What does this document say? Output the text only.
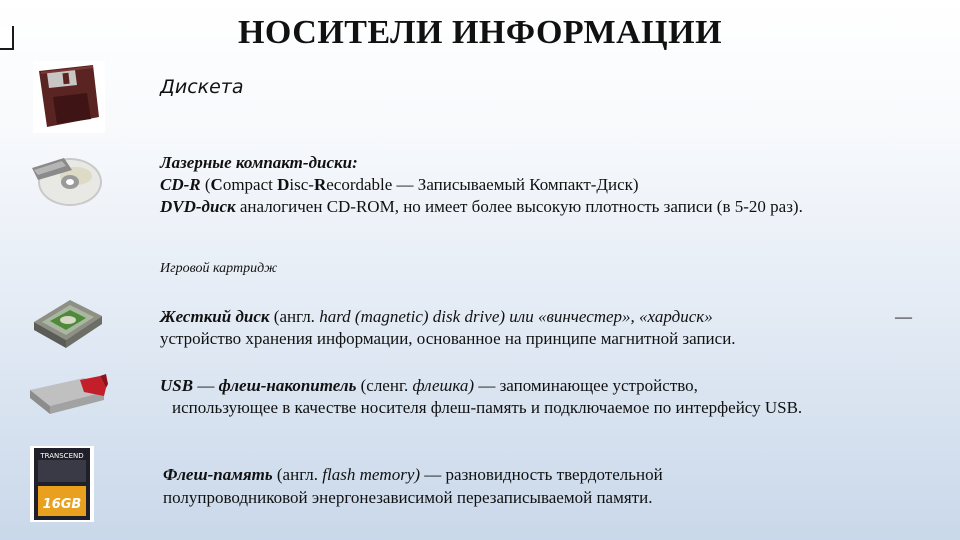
НОСИТЕЛИ ИНФОРМАЦИИ
Дискета
Лазерные компакт-диски:
CD-R (Compact Disc-Recordable — Записываемый Компакт-Диск)
DVD-диск аналогичен CD-ROM, но имеет более высокую плотность записи (в 5-20 раз).
Игровой картридж
Жесткий диск (англ. hard (magnetic) disk drive) или «винчестер», «хардиск»	—
устройство хранения информации, основанное на принципе магнитной записи.
USB — флеш-накопитель (сленг. флешка) — запоминающее устройство,
использующее в качестве носителя флеш-память и подключаемое по интерфейсу USB.
TRANSCEND
16GB
Флеш-память (англ. flash memory) — разновидность твердотельной
полупроводниковой энергонезависимой перезаписываемой памяти.
